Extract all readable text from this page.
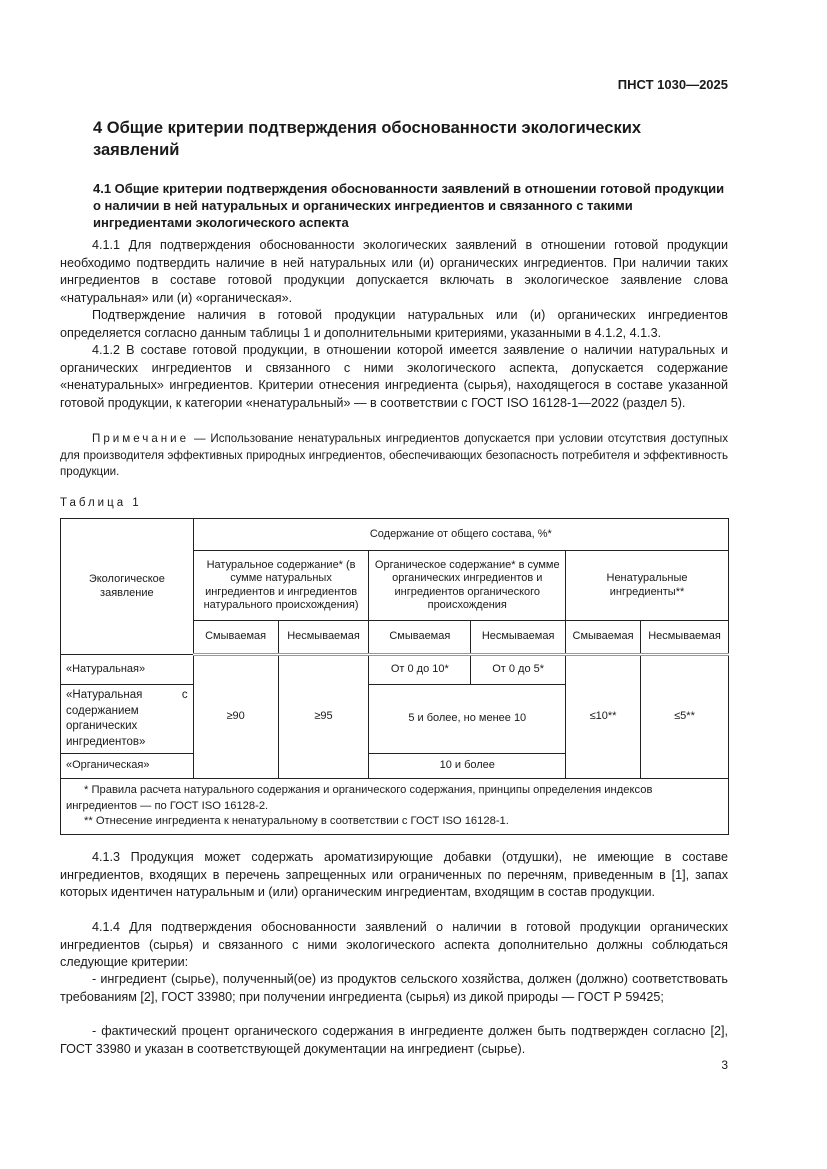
ПНСТ 1030—2025
4 Общие критерии подтверждения обоснованности экологических заявлений
4.1 Общие критерии подтверждения обоснованности заявлений в отношении готовой продукции о наличии в ней натуральных и органических ингредиентов и связанного с такими ингредиентами экологического аспекта

4.1.1 Для подтверждения обоснованности экологических заявлений в отношении готовой продукции необходимо подтвердить наличие в ней натуральных или (и) органических ингредиентов. При наличии таких ингредиентов в составе готовой продукции допускается включать в экологическое заявление слова «натуральная» или (и) «органическая».

Подтверждение наличия в готовой продукции натуральных или (и) органических ингредиентов определяется согласно данным таблицы 1 и дополнительными критериями, указанными в 4.1.2, 4.1.3.

4.1.2 В составе готовой продукции, в отношении которой имеется заявление о наличии натуральных и органических ингредиентов и связанного с ними экологического аспекта, допускается содержание «ненатуральных» ингредиентов. Критерии отнесения ингредиента (сырья), находящегося в составе указанной готовой продукции, к категории «ненатуральный» — в соответствии с ГОСТ ISO 16128-1—2022 (раздел 5).

Примечание — Использование ненатуральных ингредиентов допускается при условии отсутствия доступных для производителя эффективных природных ингредиентов, обеспечивающих безопасность потребителя и эффективность продукции.

Таблица 1
Экологическое заявление	Содержание от общего состава, %*					
	Натуральное содержание* (в сумме натуральных ингредиентов и ингредиентов натурального происхождения)		Органическое содержание* в сумме органических ингредиентов и ингредиентов органического происхождения		Ненатуральные ингредиенты**	
	Смываемая	Несмываемая	Смываемая	Несмываемая	Смываемая	Несмываемая
«Натуральная»	≥90	≥95	От 0 до 10*	От 0 до 5*	≤10**	≤5**
«Натуральная с содержанием органических ингредиентов»			5 и более, но менее 10			
«Органическая»			10 и более			

* Правила расчета натурального содержания и органического содержания, принципы определения индексов ингредиентов — по ГОСТ ISO 16128-2.

** Отнесение ингредиента к ненатуральному в соответствии с ГОСТ ISO 16128-1.						

4.1.3 Продукция может содержать ароматизирующие добавки (отдушки), не имеющие в составе ингредиентов, входящих в перечень запрещенных или ограниченных по перечням, приведенным в [1], запах которых идентичен натуральным и (или) органическим ингредиентам, входящим в состав продукции.

4.1.4 Для подтверждения обоснованности заявлений о наличии в готовой продукции органических ингредиентов (сырья) и связанного с ними экологического аспекта дополнительно должны соблюдаться следующие критерии:

- ингредиент (сырье), полученный(ое) из продуктов сельского хозяйства, должен (должно) соответствовать требованиям [2], ГОСТ 33980; при получении ингредиента (сырья) из дикой природы — ГОСТ Р 59425;

- фактический процент органического содержания в ингредиенте должен быть подтвержден согласно [2], ГОСТ 33980 и указан в соответствующей документации на ингредиент (сырье).

3
